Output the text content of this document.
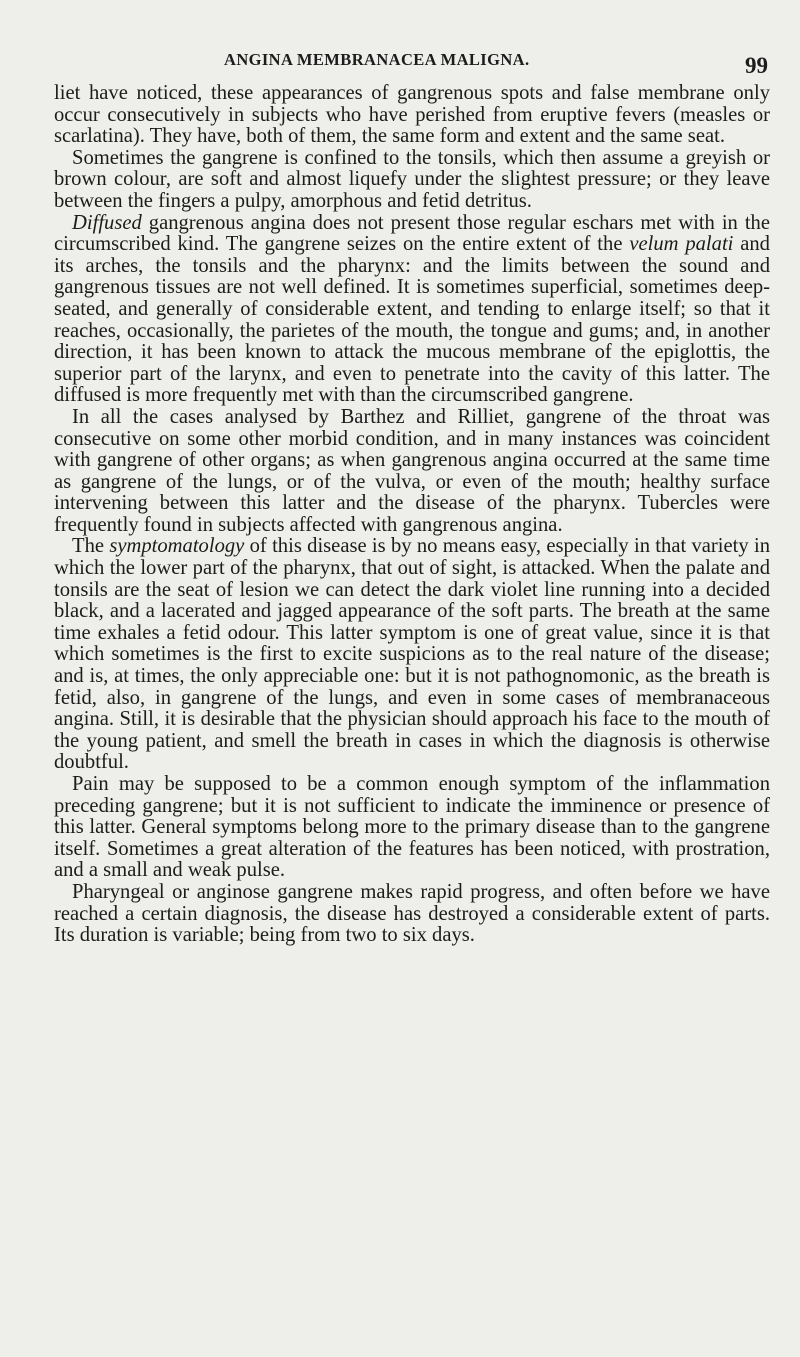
ANGINA MEMBRANACEA MALIGNA.	99

liet have noticed, these appearances of gangrenous spots and false membrane only occur consecutively in subjects who have perished from eruptive fevers (measles or scarlatina). They have, both of them, the same form and extent and the same seat.

Sometimes the gangrene is confined to the tonsils, which then assume a greyish or brown colour, are soft and almost liquefy under the slightest pressure; or they leave between the fingers a pulpy, amorphous and fetid detritus.

Diffused gangrenous angina does not present those regular eschars met with in the circumscribed kind. The gangrene seizes on the entire extent of the velum palati and its arches, the tonsils and the pharynx: and the limits between the sound and gangrenous tissues are not well defined. It is sometimes superficial, sometimes deep-seated, and generally of considerable extent, and tending to enlarge itself; so that it reaches, occasionally, the parietes of the mouth, the tongue and gums; and, in another direction, it has been known to attack the mucous membrane of the epiglottis, the superior part of the larynx, and even to penetrate into the cavity of this latter. The diffused is more frequently met with than the circumscribed gangrene.

In all the cases analysed by Barthez and Rilliet, gangrene of the throat was consecutive on some other morbid condition, and in many instances was coincident with gangrene of other organs; as when gangrenous angina occurred at the same time as gangrene of the lungs, or of the vulva, or even of the mouth; healthy surface intervening between this latter and the disease of the pharynx. Tubercles were frequently found in subjects affected with gangrenous angina.

The symptomatology of this disease is by no means easy, especially in that variety in which the lower part of the pharynx, that out of sight, is attacked. When the palate and tonsils are the seat of lesion we can detect the dark violet line running into a decided black, and a lacerated and jagged appearance of the soft parts. The breath at the same time exhales a fetid odour. This latter symptom is one of great value, since it is that which sometimes is the first to excite suspicions as to the real nature of the disease; and is, at times, the only appreciable one: but it is not pathognomonic, as the breath is fetid, also, in gangrene of the lungs, and even in some cases of membranaceous angina. Still, it is desirable that the physician should approach his face to the mouth of the young patient, and smell the breath in cases in which the diagnosis is otherwise doubtful.

Pain may be supposed to be a common enough symptom of the inflammation preceding gangrene; but it is not sufficient to indicate the imminence or presence of this latter. General symptoms belong more to the primary disease than to the gangrene itself. Sometimes a great alteration of the features has been noticed, with prostration, and a small and weak pulse.

Pharyngeal or anginose gangrene makes rapid progress, and often before we have reached a certain diagnosis, the disease has destroyed a considerable extent of parts. Its duration is variable; being from two to six days.
